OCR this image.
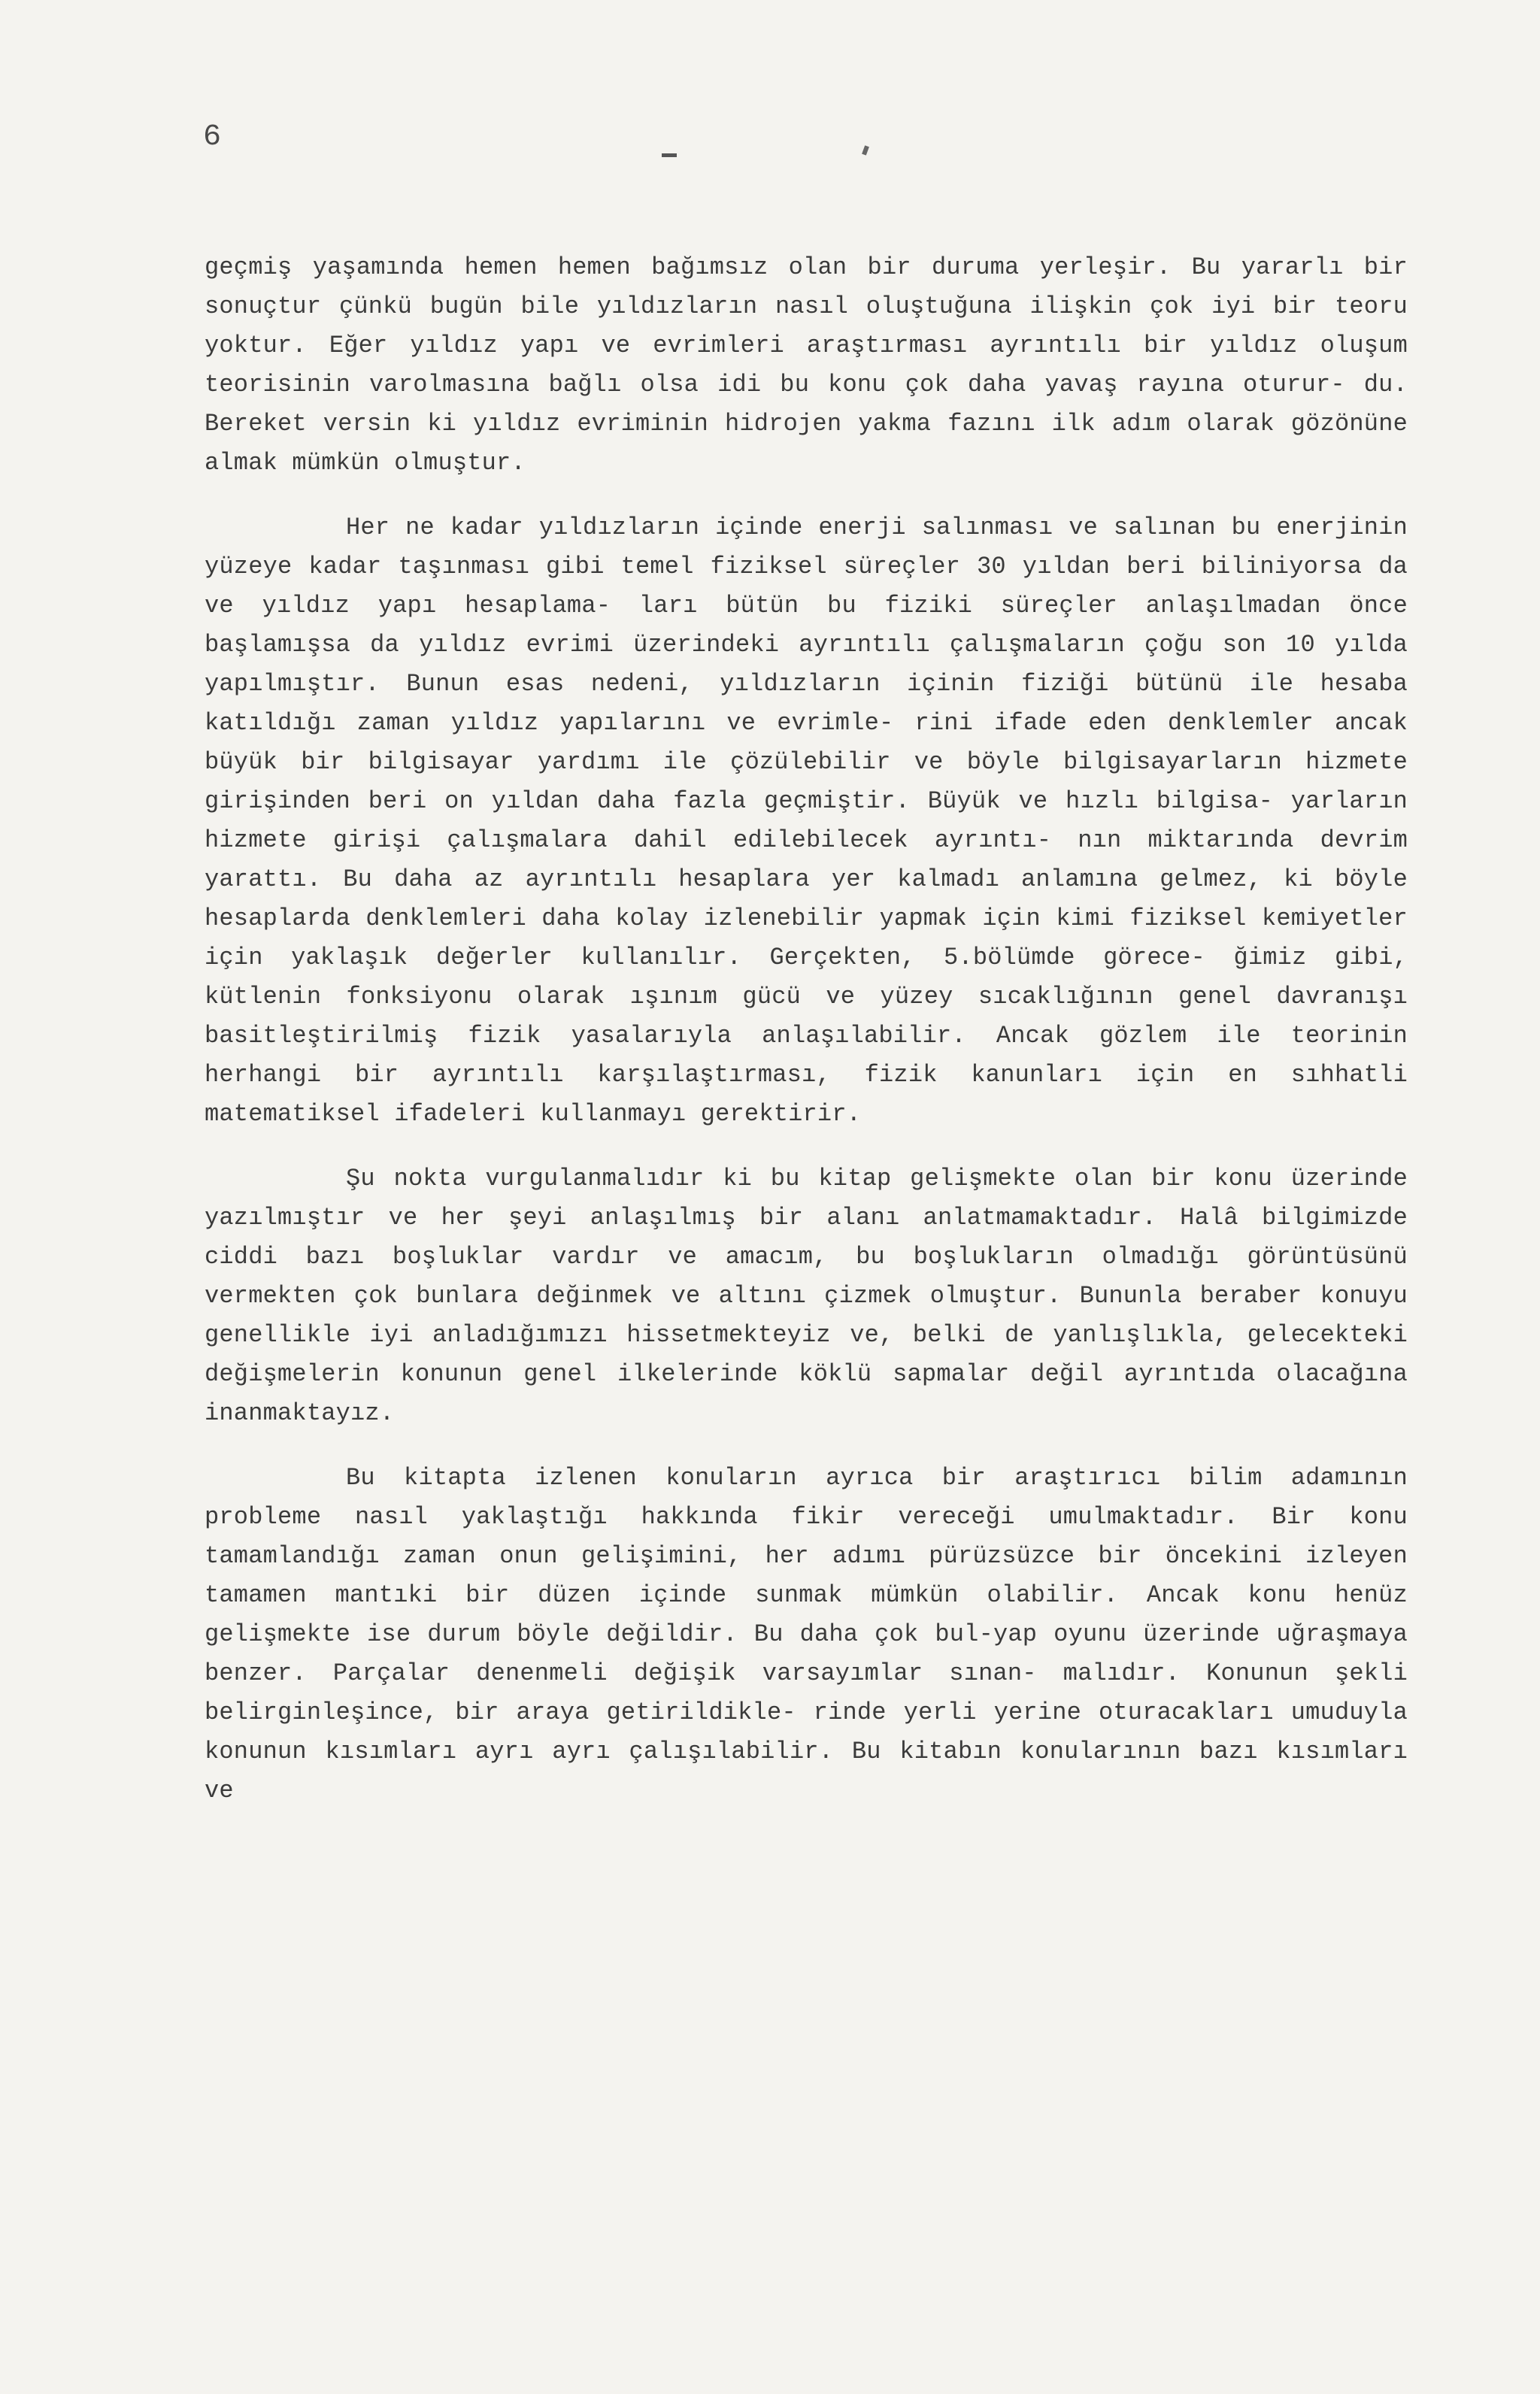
6

geçmiş yaşamında hemen hemen bağımsız olan bir duruma yerleşir. Bu yararlı bir sonuçtur çünkü bugün bile yıldızların nasıl oluştuğuna ilişkin çok iyi bir teoru yoktur. Eğer yıldız yapı ve evrimleri araştırması ayrıntılı bir yıldız oluşum teorisinin varolmasına bağlı olsa idi bu konu çok daha yavaş rayına oturur- du. Bereket versin ki yıldız evriminin hidrojen yakma fazını ilk adım olarak gözönüne almak mümkün olmuştur.

Her ne kadar yıldızların içinde enerji salınması ve salınan bu enerjinin yüzeye kadar taşınması gibi temel fiziksel süreçler 30 yıldan beri biliniyorsa da ve yıldız yapı hesaplama- ları bütün bu fiziki süreçler anlaşılmadan önce başlamışsa da yıldız evrimi üzerindeki ayrıntılı çalışmaların çoğu son 10 yılda yapılmıştır. Bunun esas nedeni, yıldızların içinin fiziği bütünü ile hesaba katıldığı zaman yıldız yapılarını ve evrimle- rini ifade eden denklemler ancak büyük bir bilgisayar yardımı ile çözülebilir ve böyle bilgisayarların hizmete girişinden beri on yıldan daha fazla geçmiştir. Büyük ve hızlı bilgisa- yarların hizmete girişi çalışmalara dahil edilebilecek ayrıntı- nın miktarında devrim yarattı. Bu daha az ayrıntılı hesaplara yer kalmadı anlamına gelmez, ki böyle hesaplarda denklemleri daha kolay izlenebilir yapmak için kimi fiziksel kemiyetler için yaklaşık değerler kullanılır. Gerçekten, 5.bölümde görece- ğimiz gibi, kütlenin fonksiyonu olarak ışınım gücü ve yüzey sıcaklığının genel davranışı basitleştirilmiş fizik yasalarıyla anlaşılabilir. Ancak gözlem ile teorinin herhangi bir ayrıntılı karşılaştırması, fizik kanunları için en sıhhatli matematiksel ifadeleri kullanmayı gerektirir.

Şu nokta vurgulanmalıdır ki bu kitap gelişmekte olan bir konu üzerinde yazılmıştır ve her şeyi anlaşılmış bir alanı anlatmamaktadır. Halâ bilgimizde ciddi bazı boşluklar vardır ve amacım, bu boşlukların olmadığı görüntüsünü vermekten çok bunlara değinmek ve altını çizmek olmuştur. Bununla beraber konuyu genellikle iyi anladığımızı hissetmekteyiz ve, belki de yanlışlıkla, gelecekteki değişmelerin konunun genel ilkelerinde köklü sapmalar değil ayrıntıda olacağına inanmaktayız.

Bu kitapta izlenen konuların ayrıca bir araştırıcı bilim adamının probleme nasıl yaklaştığı hakkında fikir vereceği umulmaktadır. Bir konu tamamlandığı zaman onun gelişimini, her adımı pürüzsüzce bir öncekini izleyen tamamen mantıki bir düzen içinde sunmak mümkün olabilir. Ancak konu henüz gelişmekte ise durum böyle değildir. Bu daha çok bul-yap oyunu üzerinde uğraşmaya benzer. Parçalar denenmeli değişik varsayımlar sınan- malıdır. Konunun şekli belirginleşince, bir araya getirildikle- rinde yerli yerine oturacakları umuduyla konunun kısımları ayrı ayrı çalışılabilir. Bu kitabın konularının bazı kısımları ve
